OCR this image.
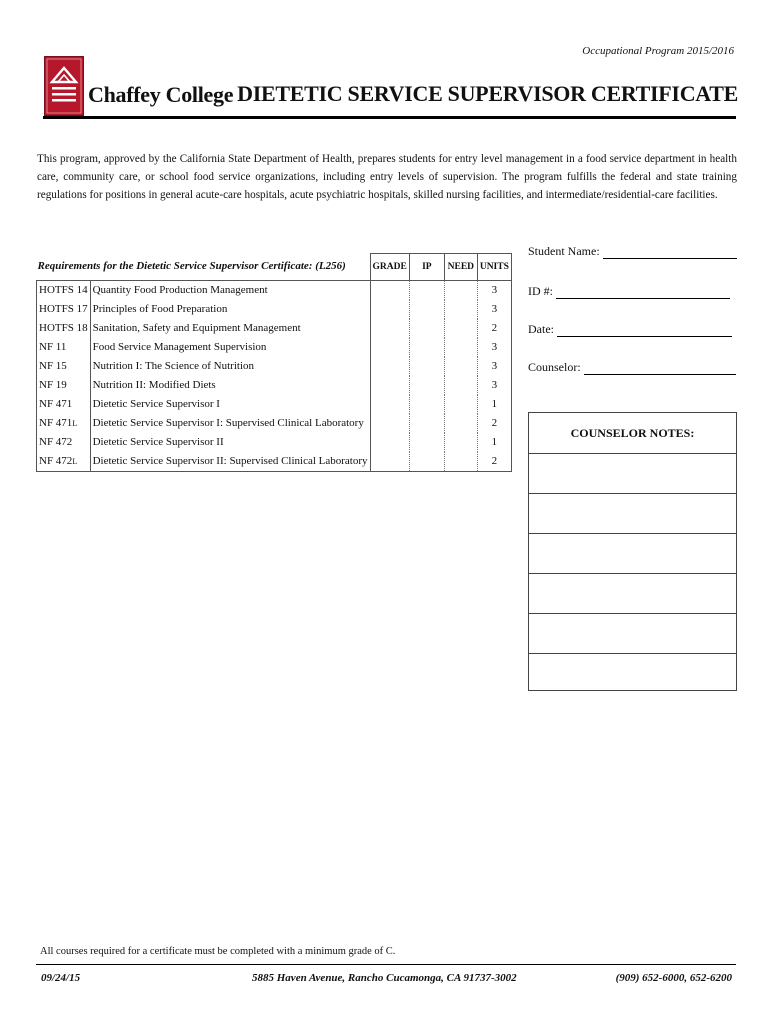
Occupational Program 2015/2016
Chaffey College DIETETIC SERVICE SUPERVISOR CERTIFICATE
This program, approved by the California State Department of Health, prepares students for entry level management in a food service department in health care, community care, or school food service organizations, including entry levels of supervision. The program fulfills the federal and state training regulations for positions in general acute-care hospitals, acute psychiatric hospitals, skilled nursing facilities, and intermediate/residential-care facilities.
Requirements for the Dietetic Service Supervisor Certificate: (L256)		GRADE	IP	NEED	UNITS
HOTFS 14	Quantity Food Production Management				3
HOTFS 17	Principles of Food Preparation				3
HOTFS 18	Sanitation, Safety and Equipment Management				2
NF 11	Food Service Management Supervision				3
NF 15	Nutrition I: The Science of Nutrition				3
NF 19	Nutrition II: Modified Diets				3
NF 471	Dietetic Service Supervisor I				1
NF 471L	Dietetic Service Supervisor I: Supervised Clinical Laboratory				2
NF 472	Dietetic Service Supervisor II				1
NF 472L	Dietetic Service Supervisor II: Supervised Clinical Laboratory				2
Student Name:
ID #:
Date:
Counselor:
COUNSELOR NOTES:
All courses required for a certificate must be completed with a minimum grade of C.
09/24/15	5885 Haven Avenue, Rancho Cucamonga, CA 91737-3002	(909) 652-6000, 652-6200
